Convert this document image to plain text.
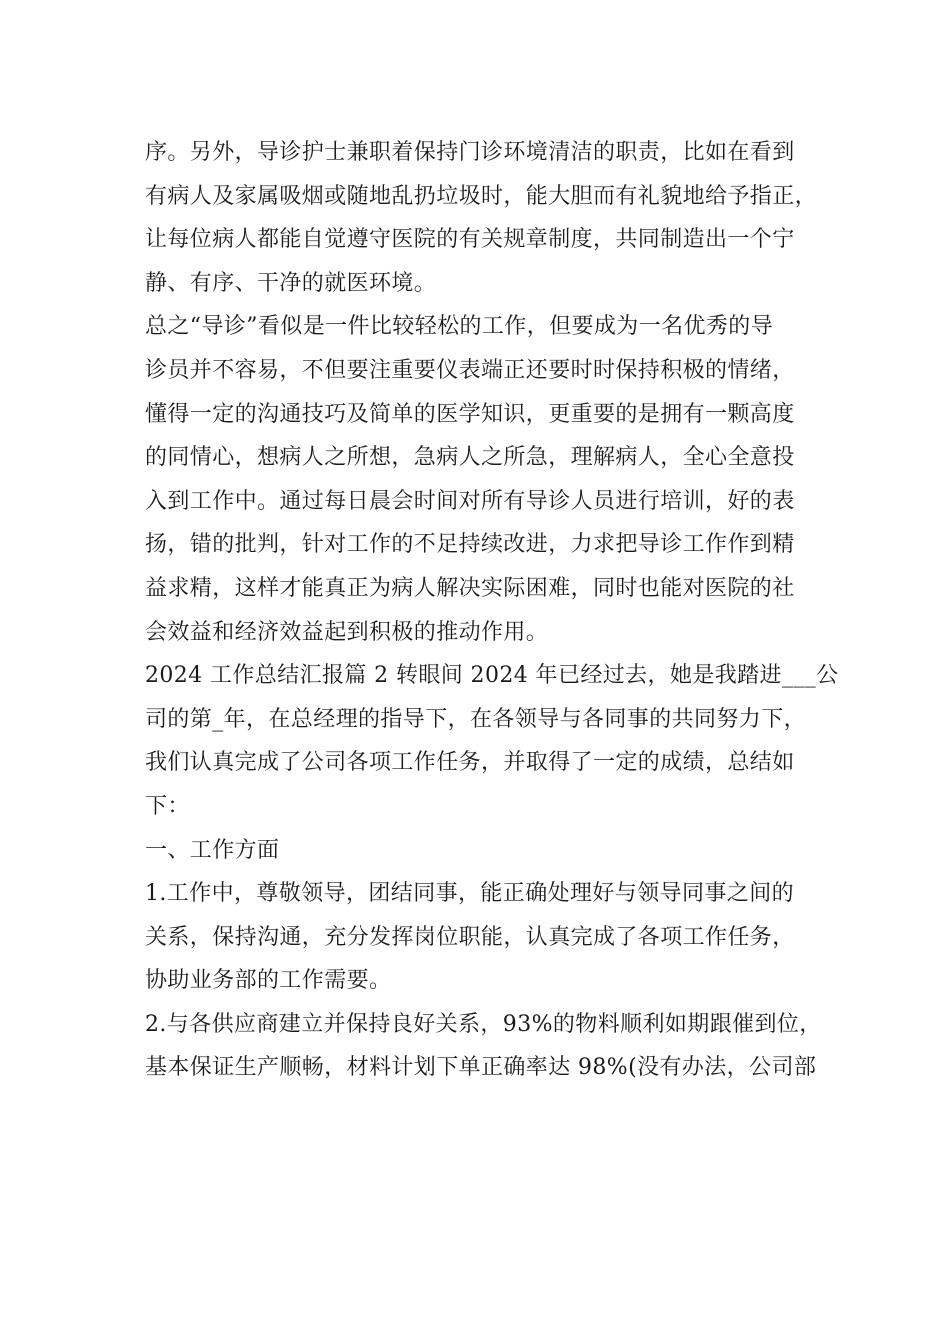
序。另外，导诊护士兼职着保持门诊环境清洁的职责，比如在看到
有病人及家属吸烟或随地乱扔垃圾时，能大胆而有礼貌地给予指正，
让每位病人都能自觉遵守医院的有关规章制度，共同制造出一个宁
静、有序、干净的就医环境。
总之“导诊”看似是一件比较轻松的工作，但要成为一名优秀的导
诊员并不容易，不但要注重要仪表端正还要时时保持积极的情绪，
懂得一定的沟通技巧及简单的医学知识，更重要的是拥有一颗高度
的同情心，想病人之所想，急病人之所急，理解病人，全心全意投
入到工作中。通过每日晨会时间对所有导诊人员进行培训，好的表
扬，错的批判，针对工作的不足持续改进，力求把导诊工作作到精
益求精，这样才能真正为病人解决实际困难，同时也能对医院的社
会效益和经济效益起到积极的推动作用。
2024 工作总结汇报篇 2 转眼间 2024 年已经过去，她是我踏进___公
司的第_年，在总经理的指导下，在各领导与各同事的共同努力下，
我们认真完成了公司各项工作任务，并取得了一定的成绩，总结如
下：
一、工作方面
1.工作中，尊敬领导，团结同事，能正确处理好与领导同事之间的
关系，保持沟通，充分发挥岗位职能，认真完成了各项工作任务，
协助业务部的工作需要。
2.与各供应商建立并保持良好关系，93%的物料顺利如期跟催到位，
基本保证生产顺畅，材料计划下单正确率达 98%(没有办法，公司部
